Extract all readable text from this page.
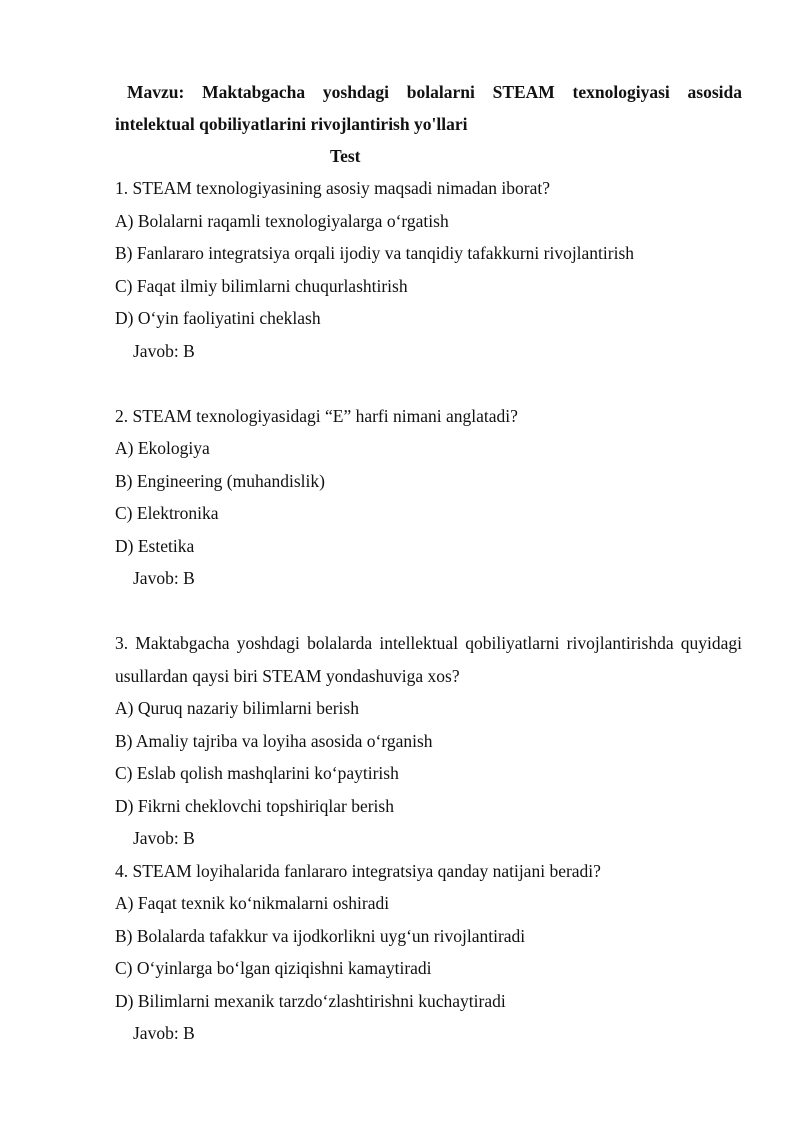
Mavzu: Maktabgacha yoshdagi bolalarni STEAM texnologiyasi asosida intelektual qobiliyatlarini rivojlantirish yo'llari

Test

1. STEAM texnologiyasining asosiy maqsadi nimadan iborat?

A) Bolalarni raqamli texnologiyalarga o‘rgatish

B) Fanlararo integratsiya orqali ijodiy va tanqidiy tafakkurni rivojlantirish

C) Faqat ilmiy bilimlarni chuqurlashtirish

D) O‘yin faoliyatini cheklash

Javob: B

2. STEAM texnologiyasidagi “E” harfi nimani anglatadi?

A) Ekologiya

B) Engineering (muhandislik)

C) Elektronika

D) Estetika

Javob: B

3. Maktabgacha yoshdagi bolalarda intellektual qobiliyatlarni rivojlantirishda quyidagi usullardan qaysi biri STEAM yondashuviga xos?

A) Quruq nazariy bilimlarni berish

B) Amaliy tajriba va loyiha asosida o‘rganish

C) Eslab qolish mashqlarini ko‘paytirish

D) Fikrni cheklovchi topshiriqlar berish

Javob: B

4. STEAM loyihalarida fanlararo integratsiya qanday natijani beradi?

A) Faqat texnik ko‘nikmalarni oshiradi

B) Bolalarda tafakkur va ijodkorlikni uyg‘un rivojlantiradi

C) O‘yinlarga bo‘lgan qiziqishni kamaytiradi

D) Bilimlarni mexanik tarzdo‘zlashtirishni kuchaytiradi

Javob: B
